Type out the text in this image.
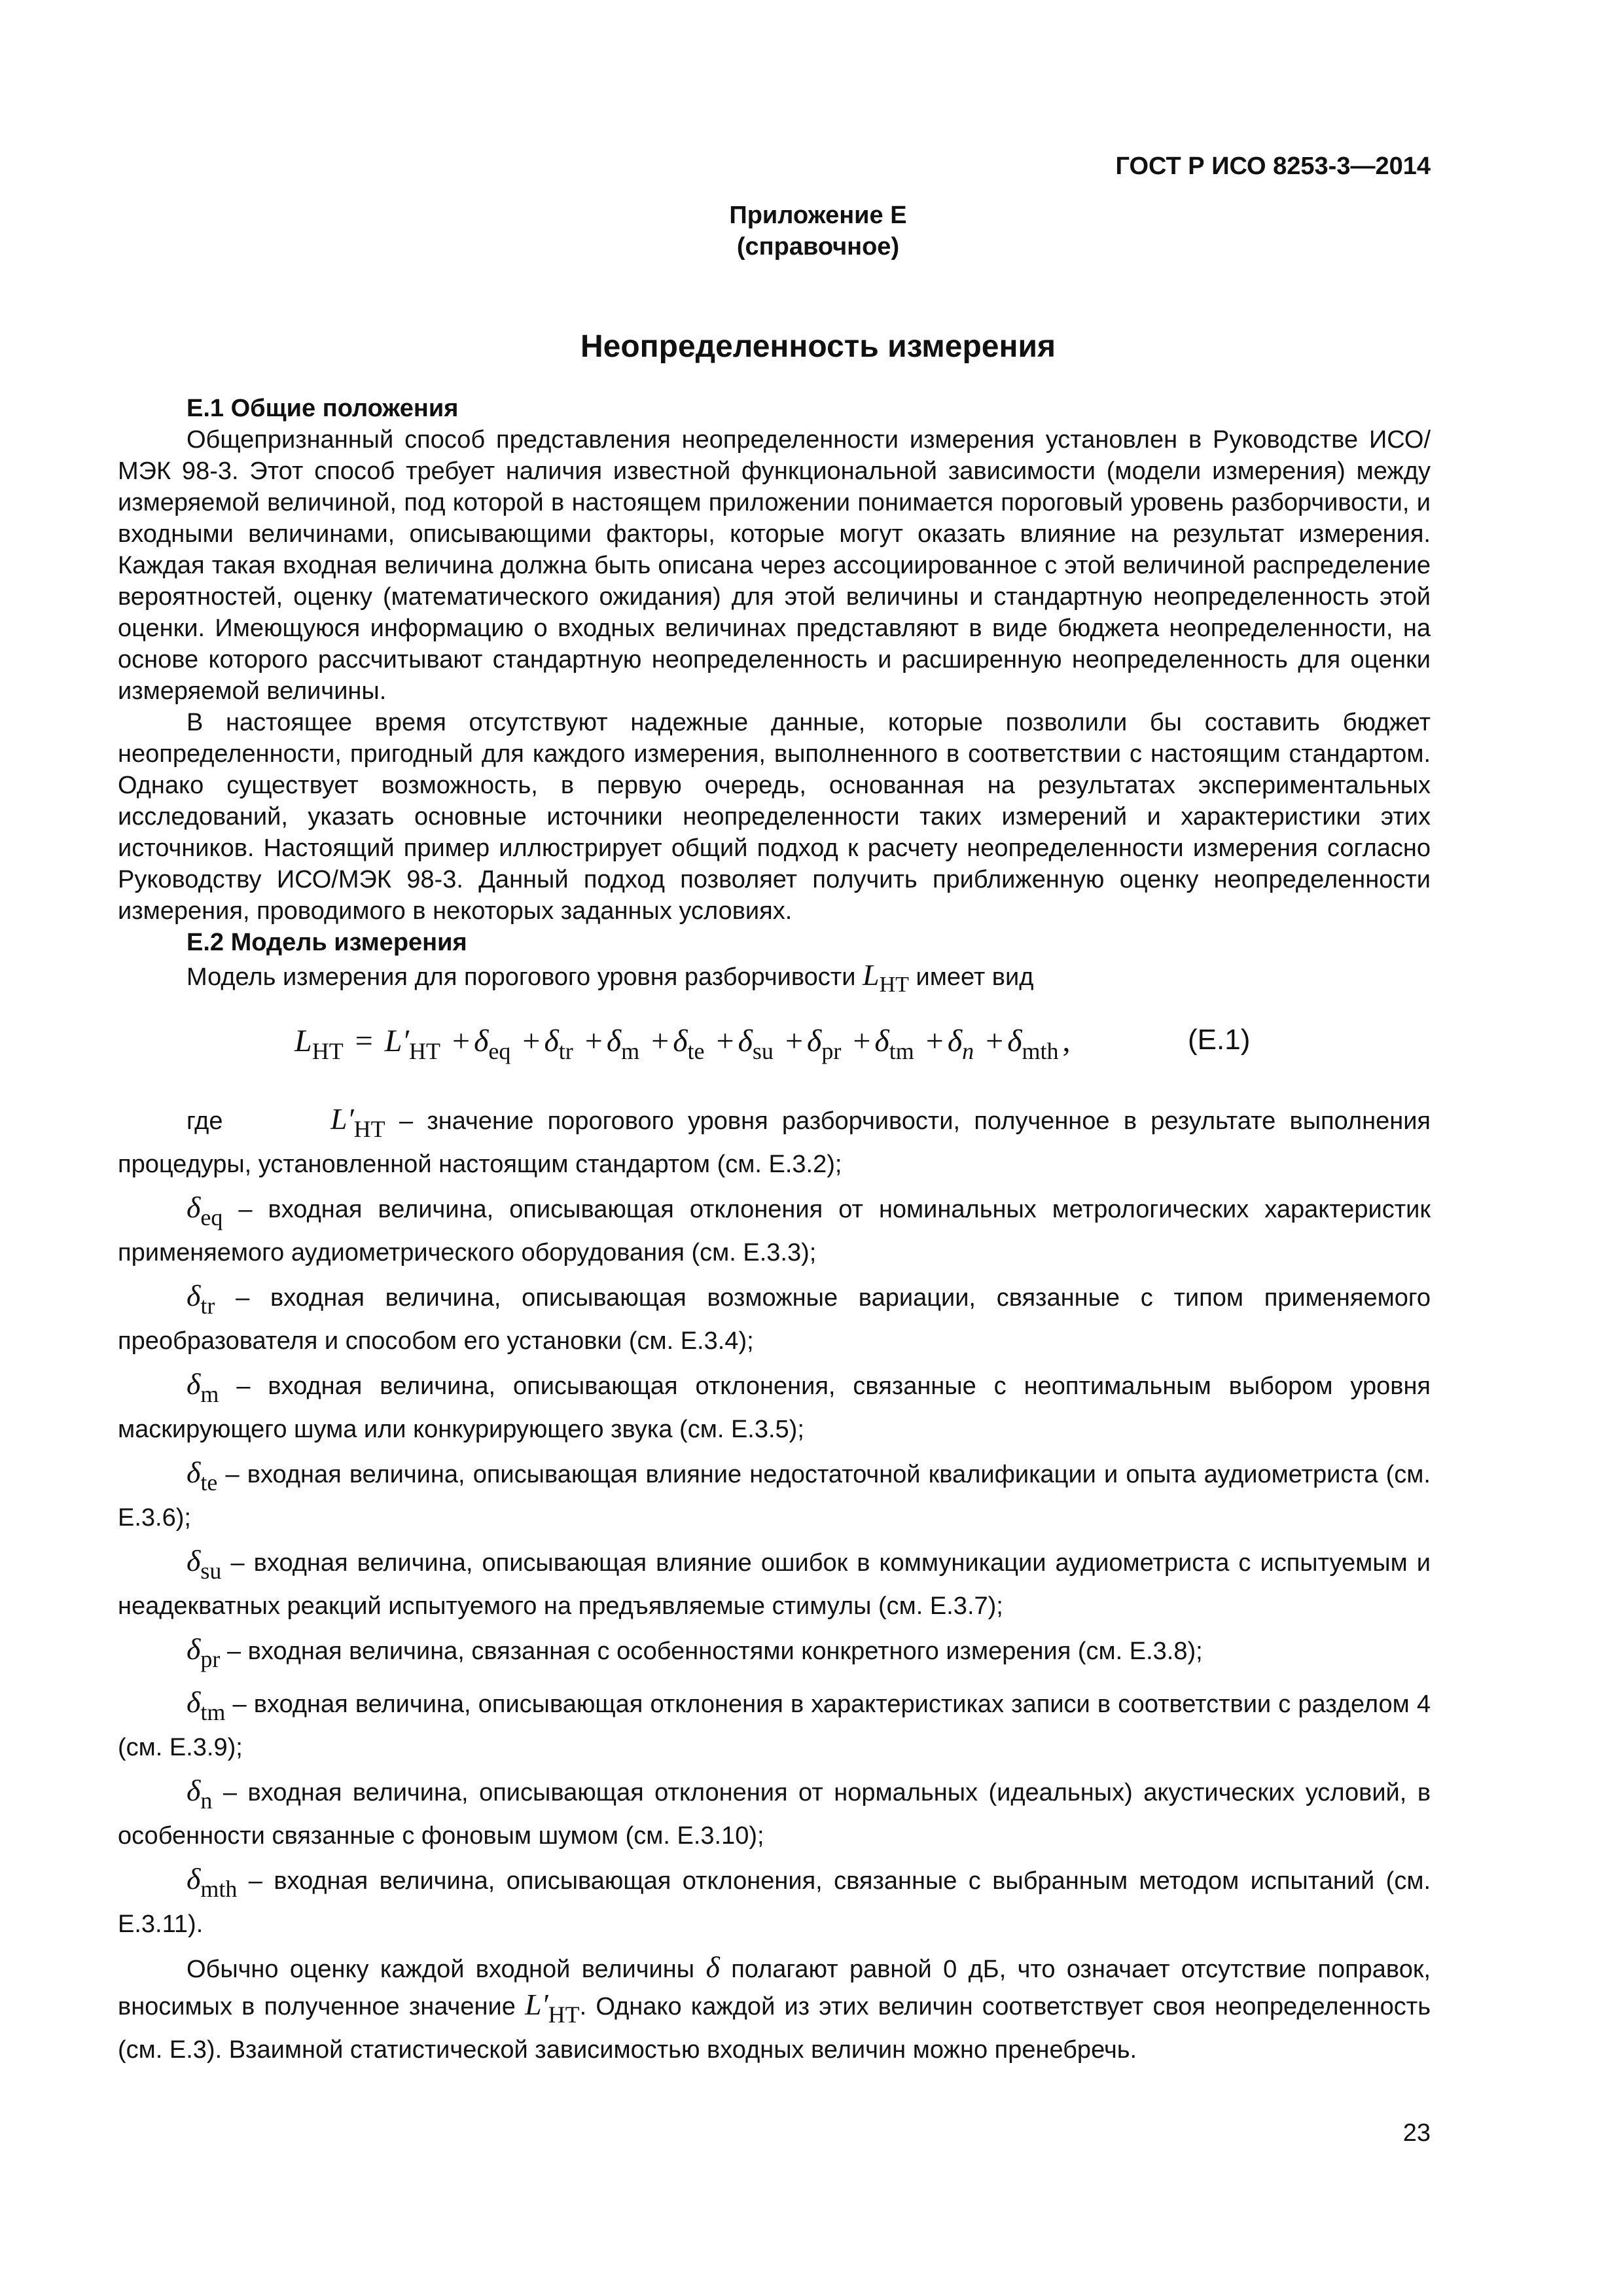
ГОСТ Р ИСО 8253-3—2014
Приложение Е
(справочное)
Неопределенность измерения
Е.1 Общие положения

Общепризнанный способ представления неопределенности измерения установлен в Руководстве ИСО/МЭК 98-3. Этот способ требует наличия известной функциональной зависимости (модели измерения) между измеряемой величиной, под которой в настоящем приложении понимается пороговый уровень разборчивости, и входными величинами, описывающими факторы, которые могут оказать влияние на результат измерения. Каждая такая входная величина должна быть описана через ассоциированное с этой величиной распределение вероятностей, оценку (математического ожидания) для этой величины и стандартную неопределенность этой оценки. Имеющуюся информацию о входных величинах представляют в виде бюджета неопределенности, на основе которого рассчитывают стандартную неопределенность и расширенную неопределенность для оценки измеряемой величины.

В настоящее время отсутствуют надежные данные, которые позволили бы составить бюджет неопределенности, пригодный для каждого измерения, выполненного в соответствии с настоящим стандартом. Однако существует возможность, в первую очередь, основанная на результатах экспериментальных исследований, указать основные источники неопределенности таких измерений и характеристики этих источников. Настоящий пример иллюстрирует общий подход к расчету неопределенности измерения согласно Руководству ИСО/МЭК 98-3. Данный подход позволяет получить приближенную оценку неопределенности измерения, проводимого в некоторых заданных условиях.

Е.2 Модель измерения

Модель измерения для порогового уровня разборчивости $L_{HT}$ имеет вид

$L_{HT} = L'_{HT} + \delta_{eq} + \delta_{tr} + \delta_m + \delta_{te} + \delta_{su} + \delta_{pr} + \delta_{tm} + \delta_n + \delta_{mth}$ ,	(Е.1)

где	$L'_{HT}$ – значение порогового уровня разборчивости, полученное в результате выполнения процедуры, установленной настоящим стандартом (см. Е.3.2);

$\delta_{eq}$ – входная величина, описывающая отклонения от номинальных метрологических характеристик применяемого аудиометрического оборудования (см. Е.3.3);

$\delta_{tr}$ – входная величина, описывающая возможные вариации, связанные с типом применяемого преобразователя и способом его установки (см. Е.3.4);

$\delta_m$ – входная величина, описывающая отклонения, связанные с неоптимальным выбором уровня маскирующего шума или конкурирующего звука (см. Е.3.5);

$\delta_{te}$ – входная величина, описывающая влияние недостаточной квалификации и опыта аудиометриста (см. Е.3.6);

$\delta_{su}$ – входная величина, описывающая влияние ошибок в коммуникации аудиометриста с испытуемым и неадекватных реакций испытуемого на предъявляемые стимулы (см. Е.3.7);

$\delta_{pr}$ – входная величина, связанная с особенностями конкретного измерения (см. Е.3.8);

$\delta_{tm}$ – входная величина, описывающая отклонения в характеристиках записи в соответствии с разделом 4 (см. Е.3.9);

$\delta_n$ – входная величина, описывающая отклонения от нормальных (идеальных) акустических условий, в особенности связанные с фоновым шумом (см. Е.3.10);

$\delta_{mth}$ – входная величина, описывающая отклонения, связанные с выбранным методом испытаний (см. Е.3.11).

Обычно оценку каждой входной величины δ полагают равной 0 дБ, что означает отсутствие поправок, вносимых в полученное значение $L'_{HT}$. Однако каждой из этих величин соответствует своя неопределенность (см. Е.3). Взаимной статистической зависимостью входных величин можно пренебречь.

23
